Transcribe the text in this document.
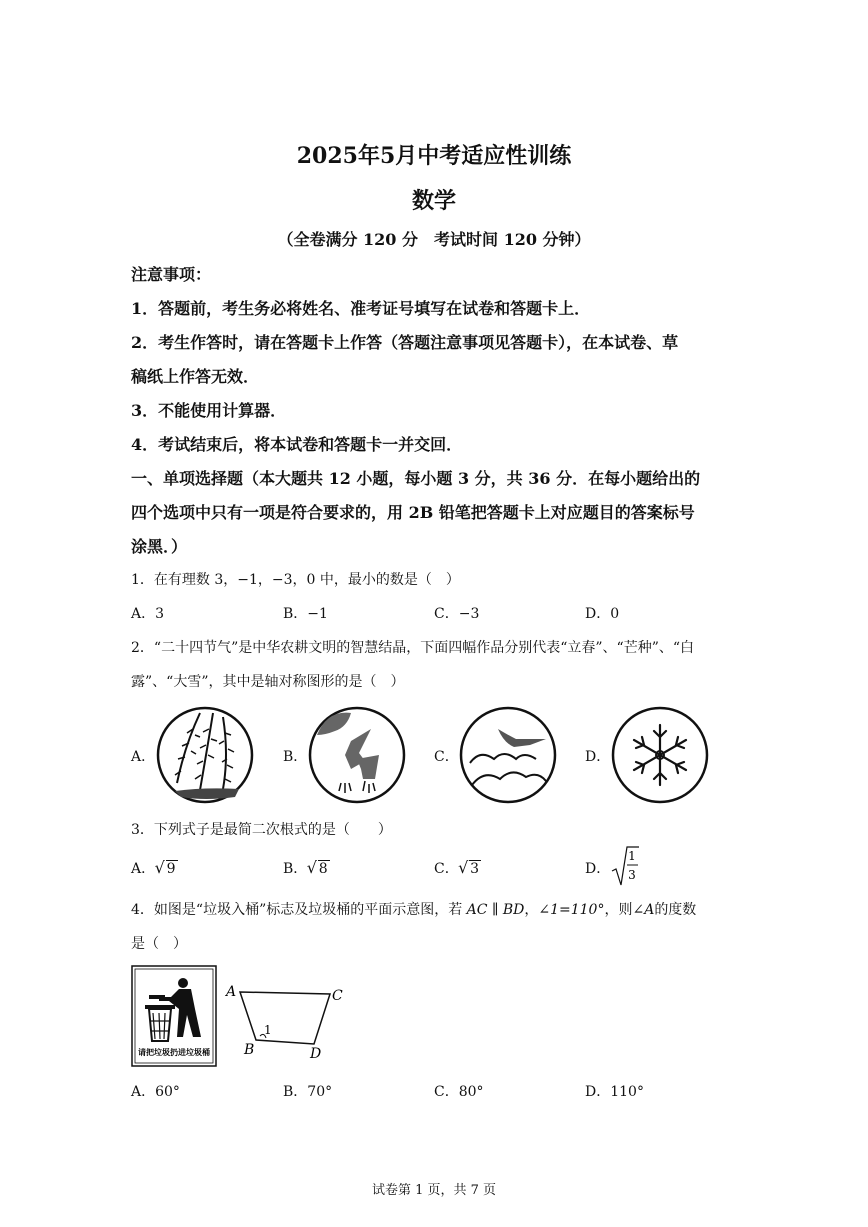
2025年5月中考适应性训练
数学
（全卷满分 120 分　考试时间 120 分钟）
注意事项：
1．答题前，考生务必将姓名、准考证号填写在试卷和答题卡上．
2．考生作答时，请在答题卡上作答（答题注意事项见答题卡），在本试卷、草
稿纸上作答无效．
3．不能使用计算器．
4．考试结束后，将本试卷和答题卡一并交回．
一、单项选择题（本大题共 12 小题，每小题 3 分，共 36 分．在每小题给出的
四个选项中只有一项是符合要求的，用 2B 铅笔把答题卡上对应题目的答案标号
涂黑．）
1．在有理数 3，−1，−3，0 中，最小的数是（　）
A．3	B．−1	C．−3	D．0
2．“二十四节气”是中华农耕文明的智慧结晶，下面四幅作品分别代表“立春”、“芒种”、“白
露”、“大雪”，其中是轴对称图形的是（　）
A．	B．	C．	D．
3．下列式子是最简二次根式的是（　　）
A． √ 9	B． √ 8	C． √ 3	D．
1
3
4．如图是“垃圾入桶”标志及垃圾桶的平面示意图，若 AC ∥ BD，∠1=110°，则∠A的度数
是（　）
请把垃圾扔进垃圾桶
A
B
C
D
1
A．60°	B．70°	C．80°	D．110°
试卷第 1 页，共 7 页
